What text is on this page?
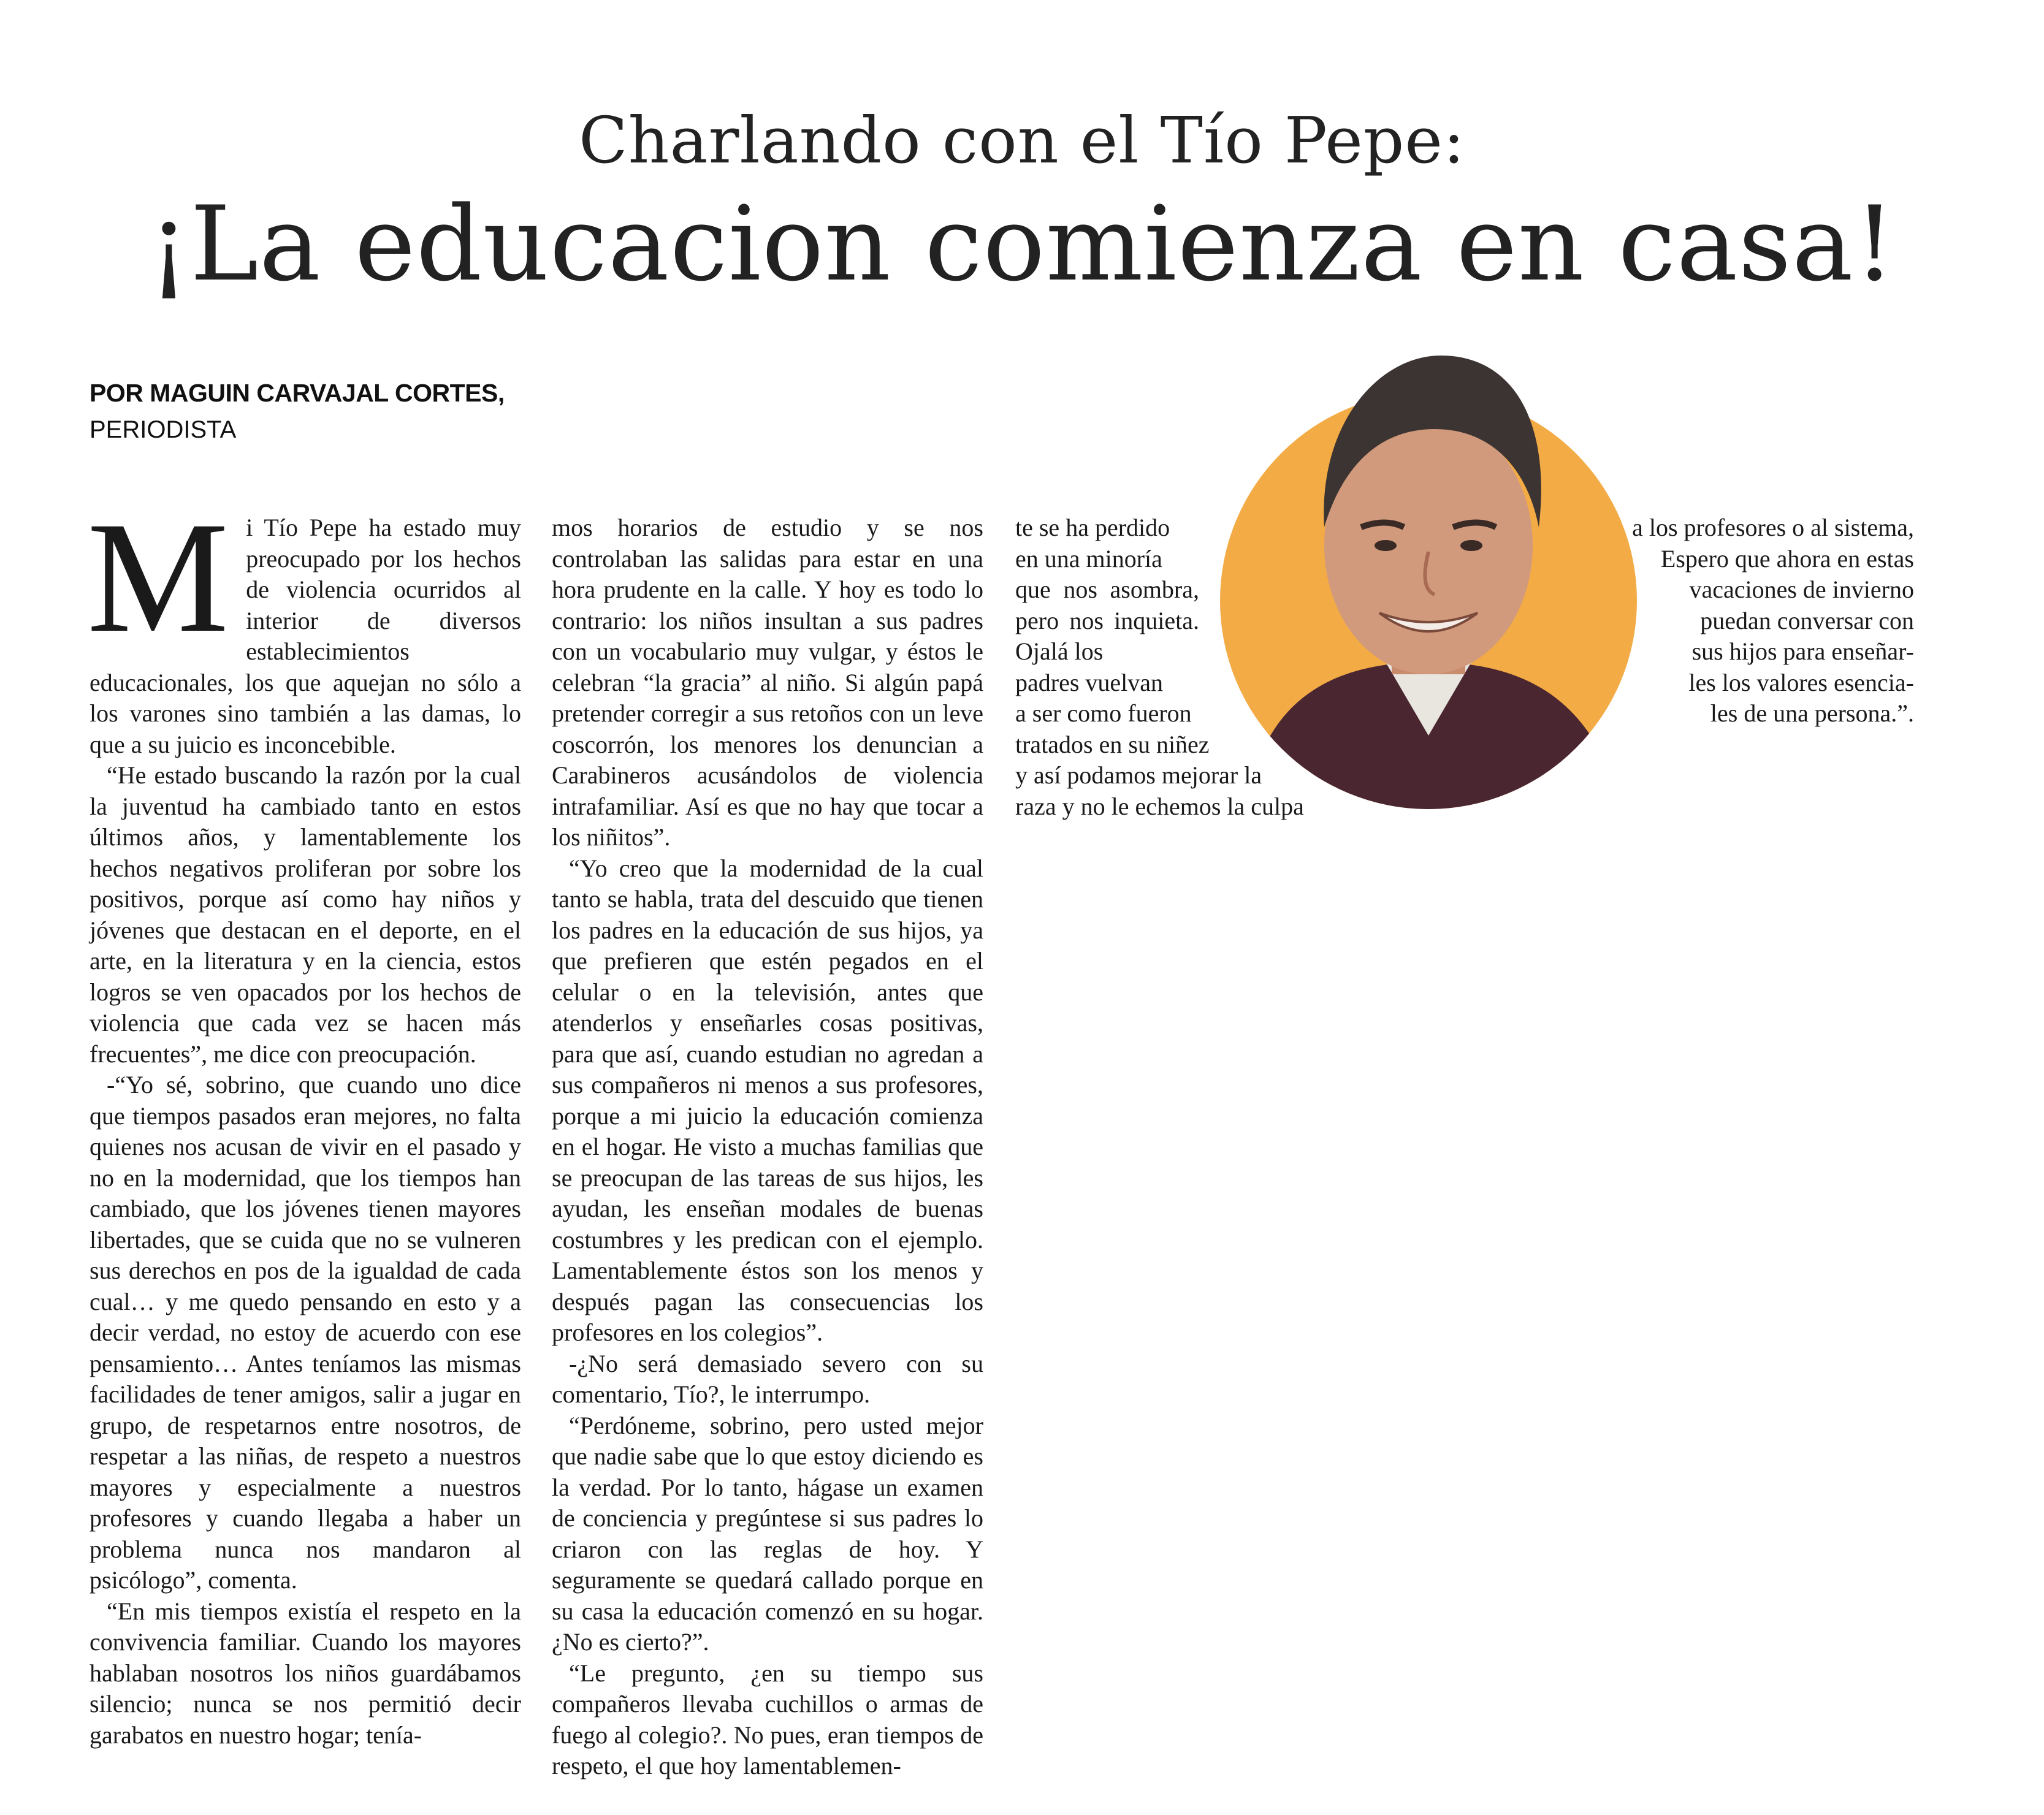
Charlando con el Tío Pepe:
¡La educacion comienza en casa!
POR MAGUIN CARVAJAL CORTES,
PERIODISTA

Mi Tío Pepe ha estado muy preocupado por los hechos de violencia ocurridos al interior de diversos establecimientos educacionales, los que aquejan no sólo a los varones sino también a las damas, lo que a su juicio es inconcebible.

“He estado buscando la razón por la cual la juventud ha cambiado tanto en estos últimos años, y lamentablemente los hechos negativos proliferan por sobre los positivos, porque así como hay niños y jóvenes que destacan en el deporte, en el arte, en la literatura y en la ciencia, estos logros se ven opacados por los hechos de violencia que cada vez se hacen más frecuentes”, me dice con preocupación.

-“Yo sé, sobrino, que cuando uno dice que tiempos pasados eran mejores, no falta quienes nos acusan de vivir en el pasado y no en la modernidad, que los tiempos han cambiado, que los jóvenes tienen mayores libertades, que se cuida que no se vulneren sus derechos en pos de la igualdad de cada cual… y me quedo pensando en esto y a decir verdad, no estoy de acuerdo con ese pensamiento… Antes teníamos las mismas facilidades de tener amigos, salir a jugar en grupo, de respetarnos entre nosotros, de respetar a las niñas, de respeto a nuestros mayores y especialmente a nuestros profesores y cuando llegaba a haber un problema nunca nos mandaron al psicólogo”, comenta.

“En mis tiempos existía el respeto en la convivencia familiar. Cuando los mayores hablaban nosotros los niños guardábamos silencio; nunca se nos permitió decir garabatos en nuestro hogar; tenía-

mos horarios de estudio y se nos controlaban las salidas para estar en una hora prudente en la calle. Y hoy es todo lo contrario: los niños insultan a sus padres con un vocabulario muy vulgar, y éstos le celebran “la gracia” al niño. Si algún papá pretender corregir a sus retoños con un leve coscorrón, los menores los denuncian a Carabineros acusándolos de violencia intrafamiliar. Así es que no hay que tocar a los niñitos”.

“Yo creo que la modernidad de la cual tanto se habla, trata del descuido que tienen los padres en la educación de sus hijos, ya que prefieren que estén pegados en el celular o en la televisión, antes que atenderlos y enseñarles cosas positivas, para que así, cuando estudian no agredan a sus compañeros ni menos a sus profesores, porque a mi juicio la educación comienza en el hogar. He visto a muchas familias que se preocupan de las tareas de sus hijos, les ayudan, les enseñan modales de buenas costumbres y les predican con el ejemplo. Lamentablemente éstos son los menos y después pagan las consecuencias los profesores en los colegios”.

-¿No será demasiado severo con su comentario, Tío?, le interrumpo.

“Perdóneme, sobrino, pero usted mejor que nadie sabe que lo que estoy diciendo es la verdad. Por lo tanto, hágase un examen de conciencia y pregúntese si sus padres lo criaron con las reglas de hoy. Y seguramente se quedará callado porque en su casa la educación comenzó en su hogar. ¿No es cierto?”.

“Le pregunto, ¿en su tiempo sus compañeros llevaba cuchillos o armas de fuego al colegio?. No pues, eran tiempos de respeto, el que hoy lamentablemen-

te se ha perdido
en una minoría
que nos asombra, pero nos inquieta. Ojalá los
padres vuelvan
a ser como fueron
tratados en su niñez
y así podamos mejorar la
raza y no le echemos la culpa
a los profesores o al sistema,
Espero que ahora en estas
vacaciones de invierno
puedan conversar con
sus hijos para enseñar-
les los valores esencia-
les de una persona.”.
